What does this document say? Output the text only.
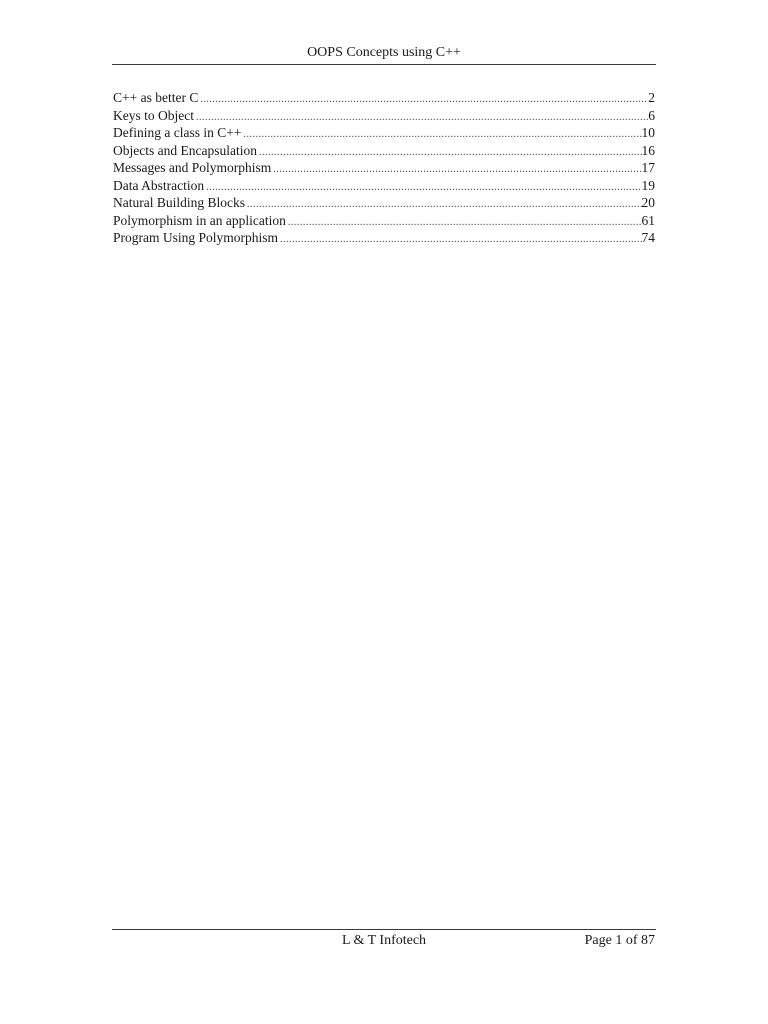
OOPS Concepts using C++
C++ as better C .....	2
Keys to Object .....	6
Defining a class in C++ .....	10
Objects and Encapsulation .....	16
Messages and Polymorphism .....	17
Data Abstraction .....	19
Natural Building Blocks .....	20
Polymorphism in an application .....	61
Program Using Polymorphism .....	74
L & T Infotech	Page 1 of 87
